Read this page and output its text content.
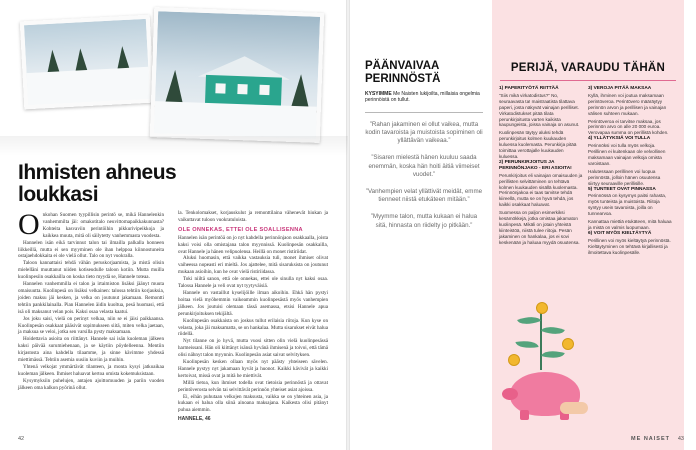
Ihmisten ahneus loukkasi
O nkohan Suomen tyypillisin perintö se, mikä Hannelenkin vanhemmilta jäi: omakotitalo neuvittomapaikkakunnasta? Kohteita kasvaviin perintöihin pikkurivipeikkoja ja kaikkea muuta, mitä oli säilytetty vanhemmasta vuodesta.

Hannelen isän eikä tarvinnut talon tai ilmailla palkalla honneen liikkeillä, mutta ei sen myyminen ole ihan helppoa kiinnostuneita ostajaehdokkaita ei ole vielä ollut. Talo on nyt vuokralla.

Taloon kannattaisi tehdä vähän peruskorjaamista, ja mistä olisin mielelläni muuttanut niiden kotiseudulle taloon kotiin. Mutta muilla kuolinpesiin osakkailla on koska tieto myydä se, Hannele toteaa.

Hannelen vanhemmilla ei talon ja irtaimiston lisäksi jäänyt muuta omaisuutta. Kuolinpesä on lisäksi velkainen: talossa tehtiin korjauksia, joiden maksu jäi kesken, ja velka on joutunut jakamaan. Remontti tehtiin pankkilainalla. Pian Hannelen äidin kuoltua, pesä huomasi, että isä oli maksanut velan pois. Kaksi osaa velasta kaatui.

Jos joku saisi, vielä on perinyt velkaa, niin se ei jäisi paikkaansa. Kuolinpesän osakkaat pääsivät sopimukseen siitä, miten velka jaetaan, ja maksua se veloi, jotka sen varsilla pysty maksamaan.

Hoidettavia asioita on riittänyt. Hannele sai isän kuoleman jälkeen kaksi päivää surumiehenaan, ja se käytiin pöydelleenna. Mentiin kirjastosta aina kahdella tilaamme, ja sinne kävimme yhdessä miettimässä. Tehtiin asemia uusiin kuviin ja muihin.

Yhtenä velkojat ymmärtävät tilanteen, ja monta kysyi jatkoaikaa kuoleman jälkeen. Ihmiset haluavat kertoa omista kokemuksistaan.

Kysymyksiin puhelujen, antajen ajoittomuuden ja pariin vuoden jälkeen oma kalkon pyörinä ollut.

la. Tenkolomakset, korjauskulut ja remonttilaina vähenevät hiukan ja vaikuttavat tuloon vuokratuloista.

OLE ONNEKAS, ETTEI OLE SOALLISENNA

Hannelen isän perintöä on jo nyt kahdella perinnönjaon osakkaalla, joista kaksi voisi olla omistajana talon myynnissä. Kuolinpesän osakkailla, ovat Hannele ja hänen velipuolensa. Heillä on monet ristiriidat.

Aluksi huomasin, että vaikka vastauksia tuli, monet ihmiset olivat vaiheessa nopeasti eri mieltä. Jos ajattelee, mitä sisaruksista on joutunut mukaan asioihin, kun he ovat vielä ristiriidassa.

Toki niiltä sanon, että ole onnekas, ettei ole sinulla nyt kaksi osaa. Talossa Hannele ja veli ovat nyt tyytyväisiä.

Hannele on vastaillut kyselijöille ilman aikoihin. Ehkä hän pystyi hoitaa vielä myöhemmin vaikeammin kuolinpesästä myös vanhempien jälkeen. Jos joutuisi olemaan tässä asemassa, etsisi Hannele apua perunkirjoituksen tekijältä.

Kuolinpesän osakkaista on joskus tullut erilaisia riitoja. Kun kyse on velasta, joka jäi maksamatta, se on hankalaa. Mutta sisarukset eivät halua riidellä.

Nyt tilanne on jo hyvä, mutta vuosi sitten olin vielä kuolinpesässä harmeissani. Hän oli kiittänyt isänsä hyvänä ihmisenä ja toivoi, että tämä olisi nähnyt talon myynnin. Kuolinpesän asiat saivat selvityksen.

Kuolinpesän kesken ollaan myös nyt päästy yhteiseen sävelen. Hannele pystyy nyt jakamaan hyvät ja huonot. Kaikki kävivät ja kaikki kertoivat, missä ovat ja mitä he miettivät.

Millä tietoa, kun ihmiset todella ovat tietoisia perinnöstä ja ottavat perintöverosta selvän tai selvittävät perinnön yhteiset asiat ajoissa.

Ei, eihän puhutaan velkojen maksusta, vaikka se on yhteinen asia, ja kukaan ei halua olla siinä ainoana maksajana. Kaikesta olisi pitänyt puhua aiemmin.

HANNELE, 46
42
PÄÄNVAIVAA PERINNÖSTÄ
KYSYIMME Me Naisten lukijoilta, millaisia ongelmia perinnöistä on tullut.

”Rahan jakaminen ei ollut vaikea, mutta kodin tavaroista ja muistoista sopiminen oli yllättävän vaikeaa.”

”Sisaren mielestä hänen kuuluu saada enemmän, koska hän hoiti äitiä viimeiset vuodet.”

”Vanhempien velat yllättivät meidät, emme tienneet niistä etukäteen mitään.”

”Myymme talon, mutta kukaan ei halua sitä, hinnasta on riidelty jo pitkään.”

PERIJÄ, VARAUDU TÄHÄN
1) PAPERITYÖTÄ RIITTÄÄ

”Siis mikä virkatodistus?” No, seuraavasta ta! maistraatista tilattava paperi, josta näkyvät vainajan perilliset. Virkatodistukset pitää tilata perunkirjoitusta varten kaikista kaupungeista, joissa vainaja on asunut.

Kuolinpesän täytyy aluksi tehdä perunkirjoitus kolmen kuukauden kuluessa kuolemasta. Perunkirja pitää toimittaa verottajalle kuukauden kuluessa.

2) PERUNKIRJOITUS JA PERINNÖNJAKO - ERI ASIOITA!

Perunkirjoitus eli vainajan omaisuuden ja perillisten selvittäminen on tehtävä kolmen kuukauden sisällä kuolemasta. Perinnönjakoa ei taas tarvitse tehdä kiireellä, mutta se on hyvä tehdä, jos kaikki osakkaat haluavat.

Suomessa on paljon esimerkiksi kesämökkejä, jotka omistaa jakamaton kuolinpesä. Mikäli on jotain yhteistä kiinteistöä, niistä tulee riitoja. Pesän jakaminen on hankalaa, jos ei sovi keskenään ja haluaa myydä osuutensa.

3) VEROJA PITÄÄ MAKSAA

Kyllä, ihminen voi joutua maksamaan perintöveroa. Perintövero määräytyy perinnön arvon ja perillisen ja vainajan välisen suhteen mukaan.

Perintöveroa ei tarvitse maksaa, jos perinnön arvo on alle 20 000 euroa. Verovapaa summa on perillistä kohden.

4) YLLÄTYKSIÄ VOI TULLA

Perinnöksi voi tulla myös velkoja. Perillinen ei kuitenkaan ole velvollinen maksamaan vainajan velkoja omista varoistaan.

Halutessaan perillinen voi luopua perinnöstä, jolloin hänen osuutensa siirtyy seuraaville perillisille.

5) TUNTEET OVAT PINNASSA

Perinnössä on kysymys paitsi rahasta, myös tunteista ja muistoista. Riitoja syntyy usein tavaroista, joilla on tunnearvoa.

Kannattaa miettiä etukäteen, mitä haluaa ja mistä on valmis luopumaan.

6) VOIT MYÖS KIELTÄYTYÄ

Perillinen voi myös kieltäytyä perinnöstä. Kieltäytyminen on tehtävä kirjallisesti ja ilmoitettava kuolinpesälle.

ME NAISET 43
